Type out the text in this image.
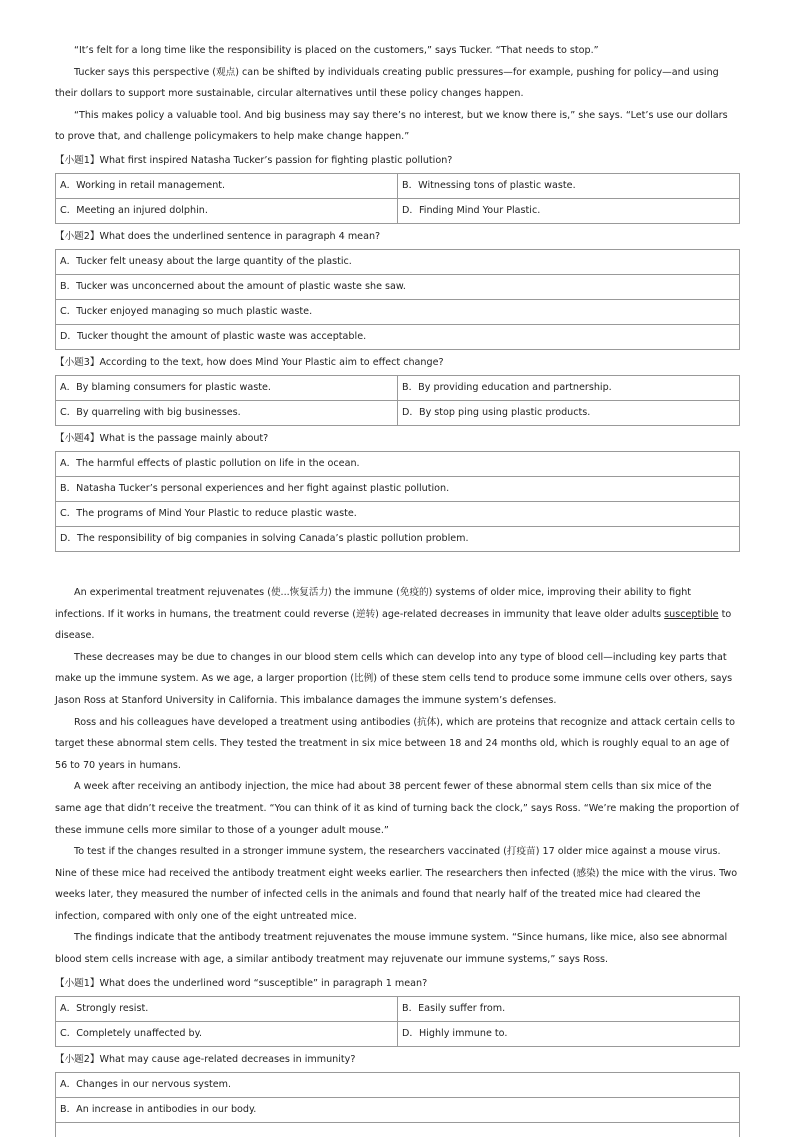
“It’s felt for a long time like the responsibility is placed on the customers,” says Tucker. “That needs to stop.”

Tucker says this perspective (观点) can be shifted by individuals creating public pressures—for example, pushing for policy—and using their dollars to support more sustainable, circular alternatives until these policy changes happen.

“This makes policy a valuable tool. And big business may say there’s no interest, but we know there is,” she says. “Let’s use our dollars to prove that, and challenge policymakers to help make change happen.”

【小题1】What first inspired Natasha Tucker’s passion for fighting plastic pollution?
A．Working in retail management.	B．Witnessing tons of plastic waste.
C．Meeting an injured dolphin.	D．Finding Mind Your Plastic.
【小题2】What does the underlined sentence in paragraph 4 mean?
A．Tucker felt uneasy about the large quantity of the plastic.
B．Tucker was unconcerned about the amount of plastic waste she saw.
C．Tucker enjoyed managing so much plastic waste.
D．Tucker thought the amount of plastic waste was acceptable.
【小题3】According to the text, how does Mind Your Plastic aim to effect change?
A．By blaming consumers for plastic waste.	B．By providing education and partnership.
C．By quarreling with big businesses.	D．By stop ping using plastic products.
【小题4】What is the passage mainly about?
A．The harmful effects of plastic pollution on life in the ocean.
B．Natasha Tucker’s personal experiences and her fight against plastic pollution.
C．The programs of Mind Your Plastic to reduce plastic waste.
D．The responsibility of big companies in solving Canada’s plastic pollution problem.

An experimental treatment rejuvenates (使...恢复活力) the immune (免疫的) systems of older mice, improving their ability to fight infections. If it works in humans, the treatment could reverse (逆转) age-related decreases in immunity that leave older adults susceptible to disease.

These decreases may be due to changes in our blood stem cells which can develop into any type of blood cell—including key parts that make up the immune system. As we age, a larger proportion (比例) of these stem cells tend to produce some immune cells over others, says Jason Ross at Stanford University in California. This imbalance damages the immune system’s defenses.

Ross and his colleagues have developed a treatment using antibodies (抗体), which are proteins that recognize and attack certain cells to target these abnormal stem cells. They tested the treatment in six mice between 18 and 24 months old, which is roughly equal to an age of 56 to 70 years in humans.

A week after receiving an antibody injection, the mice had about 38 percent fewer of these abnormal stem cells than six mice of the same age that didn’t receive the treatment. “You can think of it as kind of turning back the clock,” says Ross. “We’re making the proportion of these immune cells more similar to those of a younger adult mouse.”

To test if the changes resulted in a stronger immune system, the researchers vaccinated (打疫苗) 17 older mice against a mouse virus. Nine of these mice had received the antibody treatment eight weeks earlier. The researchers then infected (感染) the mice with the virus. Two weeks later, they measured the number of infected cells in the animals and found that nearly half of the treated mice had cleared the infection, compared with only one of the eight untreated mice.

The findings indicate that the antibody treatment rejuvenates the mouse immune system. “Since humans, like mice, also see abnormal blood stem cells increase with age, a similar antibody treatment may rejuvenate our immune systems,” says Ross.

【小题1】What does the underlined word “susceptible” in paragraph 1 mean?
A．Strongly resist.	B．Easily suffer from.
C．Completely unaffected by.	D．Highly immune to.
【小题2】What may cause age-related decreases in immunity?
A．Changes in our nervous system.
B．An increase in antibodies in our body.
